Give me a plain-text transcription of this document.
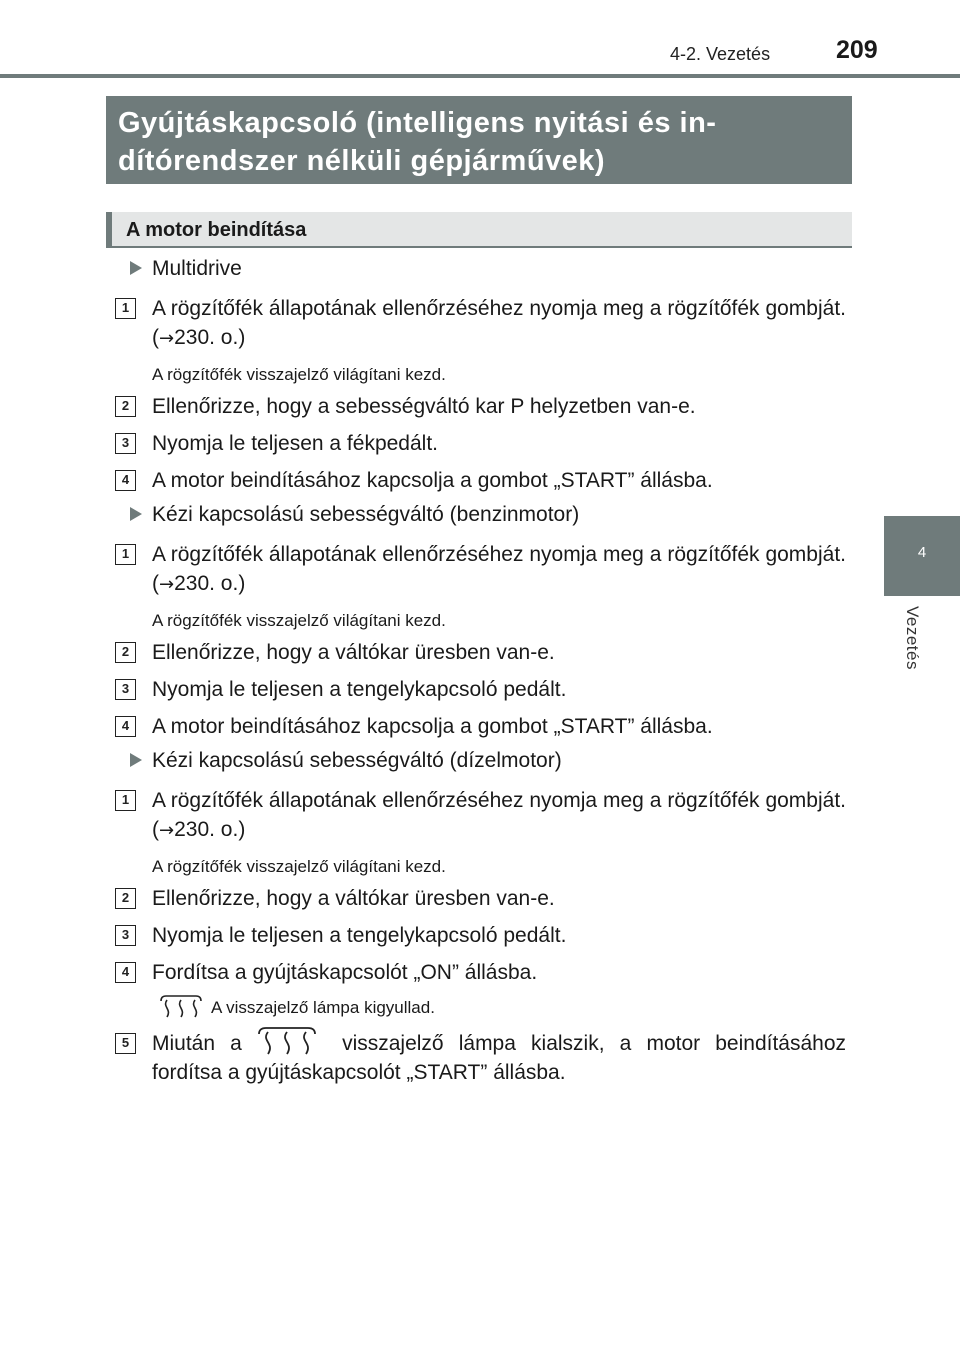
4-2. Vezetés	209
4
Vezetés
Gyújtáskapcsoló (intelligens nyitási és in-
dítórendszer nélküli gépjárművek)
A motor beindítása
Multidrive
1	A rögzítőfék állapotának ellenőrzéséhez nyomja meg a rögzítőfék gombját. (→230. o.)
A rögzítőfék visszajelző világítani kezd.
2	Ellenőrizze, hogy a sebességváltó kar P helyzetben van-e.
3	Nyomja le teljesen a fékpedált.
4	A motor beindításához kapcsolja a gombot „START” állásba.
Kézi kapcsolású sebességváltó (benzinmotor)
1	A rögzítőfék állapotának ellenőrzéséhez nyomja meg a rögzítőfék gombját. (→230. o.)
A rögzítőfék visszajelző világítani kezd.
2	Ellenőrizze, hogy a váltókar üresben van-e.
3	Nyomja le teljesen a tengelykapcsoló pedált.
4	A motor beindításához kapcsolja a gombot „START” állásba.
Kézi kapcsolású sebességváltó (dízelmotor)
1	A rögzítőfék állapotának ellenőrzéséhez nyomja meg a rögzítőfék gombját. (→230. o.)
A rögzítőfék visszajelző világítani kezd.
2	Ellenőrizze, hogy a váltókar üresben van-e.
3	Nyomja le teljesen a tengelykapcsoló pedált.
4	Fordítsa a gyújtáskapcsolót „ON” állásba.
A visszajelző lámpa kigyullad.
5	Miután a	visszajelző lámpa kialszik, a motor beindításához fordítsa a gyújtáskapcsolót „START” állásba.
